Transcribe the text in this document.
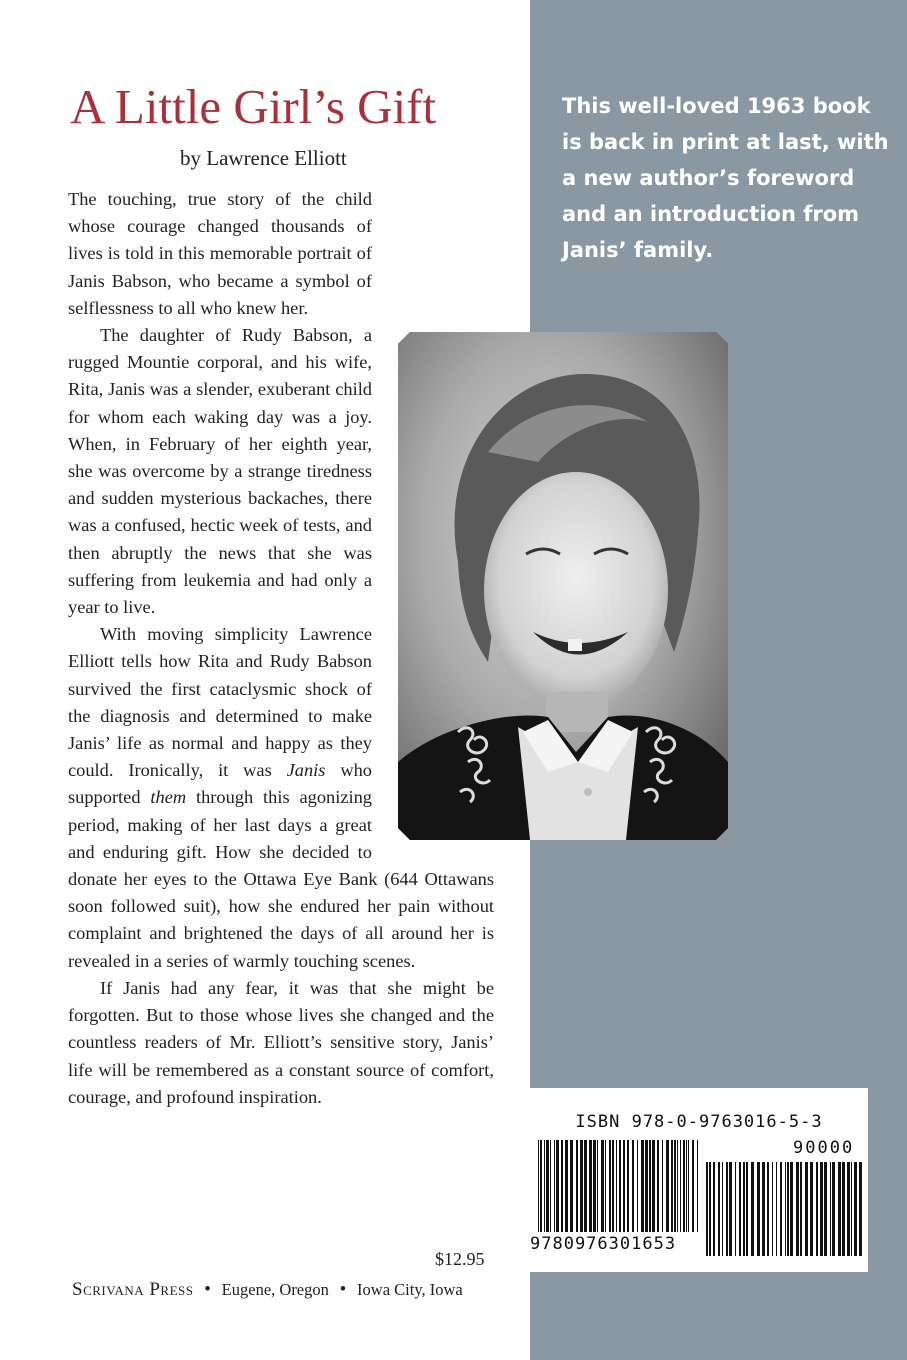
This well-loved 1963 book is back in print at last, with a new author’s foreword and an introduction from Janis’ family.
A Little Girl’s Gift
by Lawrence Elliott

The touching, true story of the child whose courage changed thousands of lives is told in this memorable portrait of Janis Babson, who became a symbol of selflessness to all who knew her.

The daughter of Rudy Babson, a rugged Mountie corporal, and his wife, Rita, Janis was a slender, exuberant child for whom each waking day was a joy. When, in February of her eighth year, she was overcome by a strange tiredness and sudden mysterious backaches, there was a confused, hectic week of tests, and then abruptly the news that she was suffering from leukemia and had only a year to live.

With moving simplicity Lawrence Elliott tells how Rita and Rudy Babson survived the first cataclysmic shock of the diagnosis and determined to make Janis’ life as normal and happy as they could. Ironically, it was Janis who supported them through this agonizing period, making of her last days a great and enduring gift. How she decided to donate her eyes to the Ottawa Eye Bank (644 Ottawans soon followed suit), how she endured her pain without complaint and brightened the days of all around her is revealed in a series of warmly touching scenes.

If Janis had any fear, it was that she might be forgotten. But to those whose lives she changed and the countless readers of Mr. Elliott’s sensitive story, Janis’ life will be remembered as a constant source of comfort, courage, and profound inspiration.

ISBN 978-0-9763016-5-3
90000
9780976301653
$12.95
Scrivana Press • Eugene, Oregon • Iowa City, Iowa
